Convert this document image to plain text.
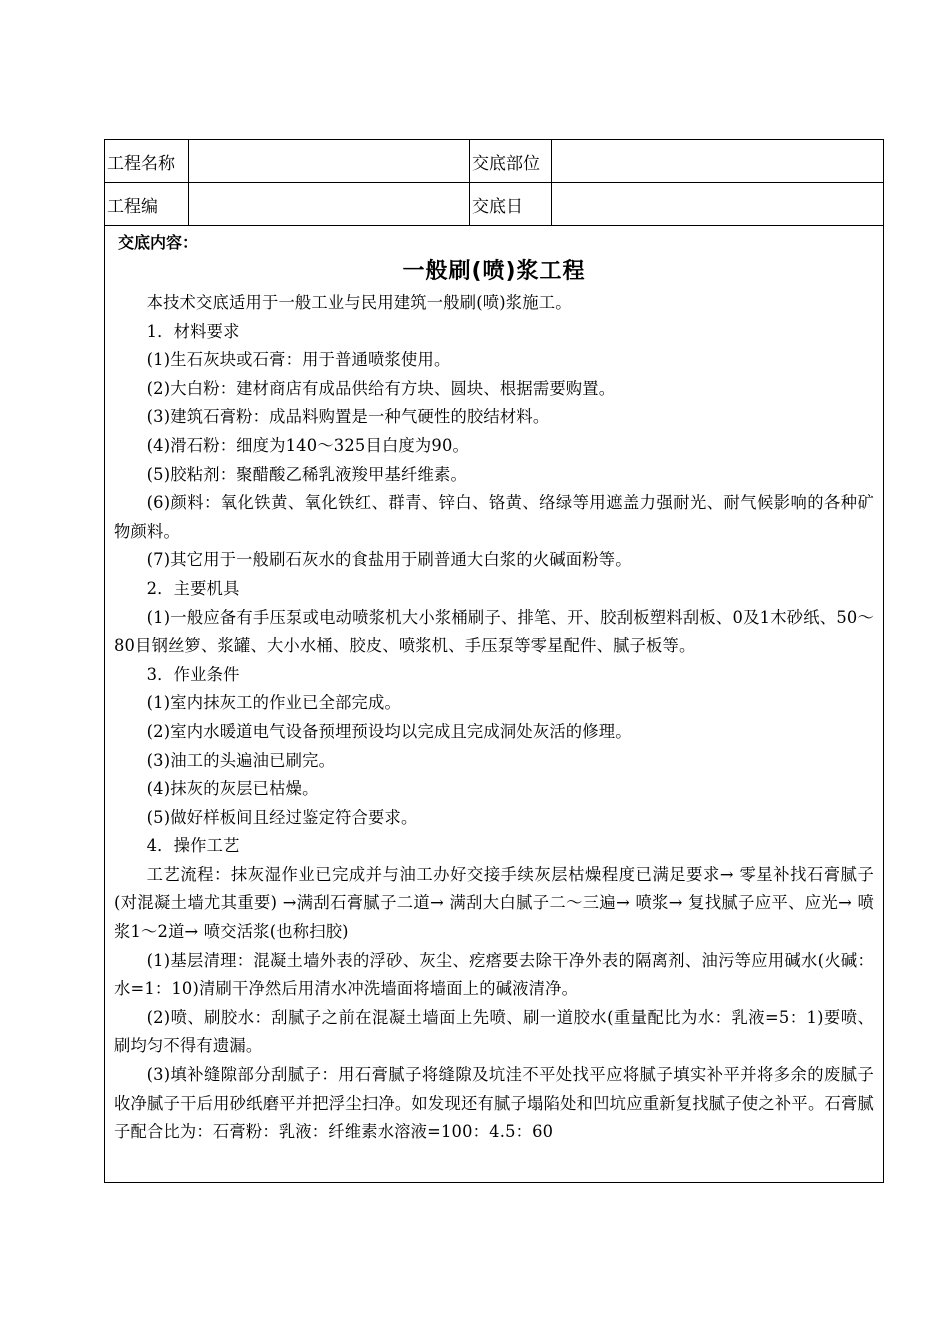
工程名称	交底部位
工程编	交底日
交底内容：
一般刷(喷)浆工程

本技术交底适用于一般工业与民用建筑一般刷(喷)浆施工。

1．材料要求

(1)生石灰块或石膏：用于普通喷浆使用。

(2)大白粉：建材商店有成品供给有方块、圆块、根据需要购置。

(3)建筑石膏粉：成品料购置是一种气硬性的胶结材料。

(4)滑石粉：细度为140～325目白度为90。

(5)胶粘剂：聚醋酸乙稀乳液羧甲基纤维素。

(6)颜料：氧化铁黄、氧化铁红、群青、锌白、铬黄、络绿等用遮盖力强耐光、耐气候影响的各种矿物颜料。

(7)其它用于一般刷石灰水的食盐用于刷普通大白浆的火碱面粉等。

2．主要机具

(1)一般应备有手压泵或电动喷浆机大小浆桶刷子、排笔、开、胶刮板塑料刮板、0及1木砂纸、50～80目钢丝箩、浆罐、大小水桶、胶皮、喷浆机、手压泵等零星配件、腻子板等。

3．作业条件

(1)室内抹灰工的作业已全部完成。

(2)室内水暖道电气设备预埋预设均以完成且完成洞处灰活的修理。

(3)油工的头遍油已刷完。

(4)抹灰的灰层已枯燥。

(5)做好样板间且经过鉴定符合要求。

4．操作工艺

工艺流程：抹灰湿作业已完成并与油工办好交接手续灰层枯燥程度已满足要求→ 零星补找石膏腻子(对混凝土墙尤其重要) →满刮石膏腻子二道→ 满刮大白腻子二～三遍→ 喷浆→ 复找腻子应平、应光→ 喷浆1～2道→ 喷交活浆(也称扫胶)

(1)基层清理：混凝土墙外表的浮砂、灰尘、疙瘩要去除干净外表的隔离剂、油污等应用碱水(火碱：水=1：10)清刷干净然后用清水冲洗墙面将墙面上的碱液清净。

(2)喷、刷胶水：刮腻子之前在混凝土墙面上先喷、刷一道胶水(重量配比为水：乳液=5：1)要喷、刷均匀不得有遗漏。

(3)填补缝隙部分刮腻子：用石膏腻子将缝隙及坑洼不平处找平应将腻子填实补平并将多余的废腻子收净腻子干后用砂纸磨平并把浮尘扫净。如发现还有腻子塌陷处和凹坑应重新复找腻子使之补平。石膏腻子配合比为：石膏粉：乳液：纤维素水溶液=100：4.5：60
